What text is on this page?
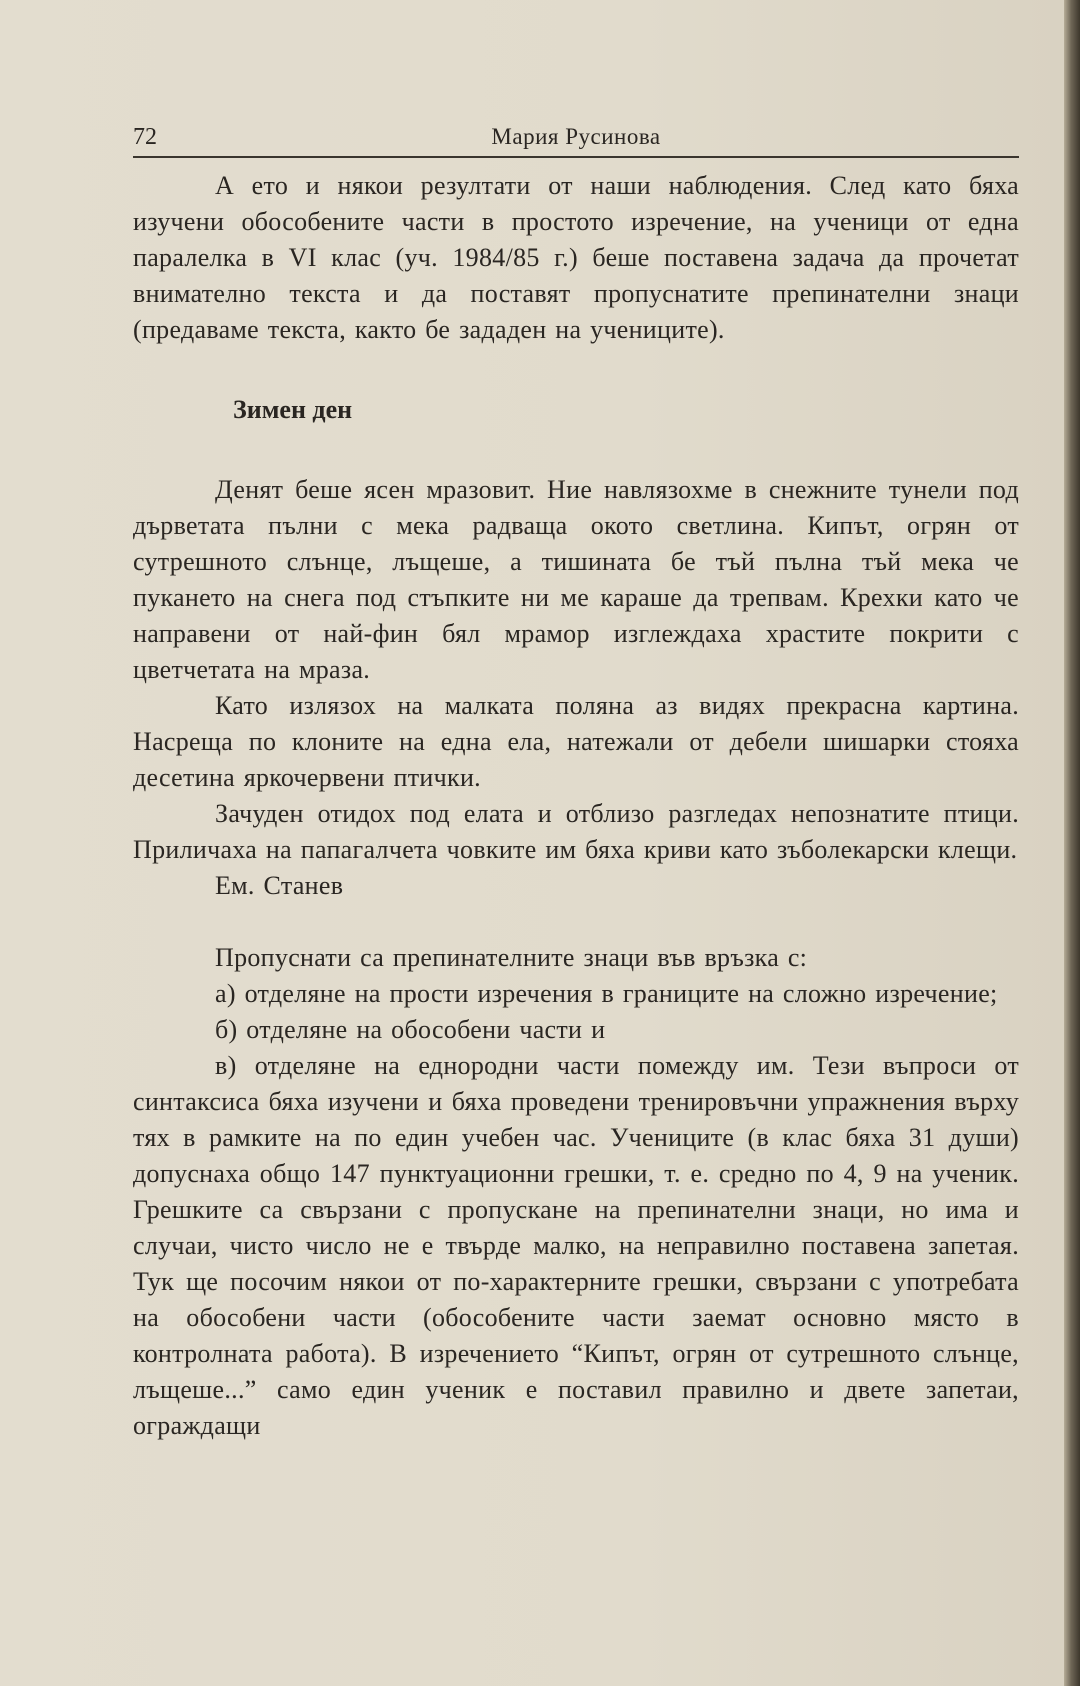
72	Мария Русинова

А ето и някои резултати от наши наблюдения. След като бяха изучени обособените части в простото изречение, на ученици от една паралелка в VI клас (уч. 1984/85 г.) беше поставена задача да прочетат внимателно текста и да поставят пропуснатите препинателни знаци (предаваме текста, както бе зададен на учениците).

Зимен ден

Денят беше ясен мразовит. Ние навлязохме в снежните тунели под дърветата пълни с мека радваща окото светлина. Кипът, огрян от сутрешното слънце, лъщеше, а тишината бе тъй пълна тъй мека че пукането на снега под стъпките ни ме караше да трепвам. Крехки като че направени от най-фин бял мрамор изглеждаха храстите покрити с цветчетата на мраза.

Като излязох на малката поляна аз видях прекрасна картина. Насреща по клоните на една ела, натежали от дебели шишарки стояха десетина яркочервени птички.

Зачуден отидох под елата и отблизо разгледах непознатите птици. Приличаха на папагалчета човките им бяха криви като зъболекарски клещи.

Ем. Станев

Пропуснати са препинателните знаци във връзка с:

а) отделяне на прости изречения в границите на сложно изречение;

б) отделяне на обособени части и

в) отделяне на еднородни части помежду им. Тези въпроси от синтаксиса бяха изучени и бяха проведени тренировъчни упражнения върху тях в рамките на по един учебен час. Учениците (в клас бяха 31 души) допуснаха общо 147 пунктуационни грешки, т. е. средно по 4, 9 на ученик. Грешките са свързани с пропускане на препинателни знаци, но има и случаи, чисто число не е твърде малко, на неправилно поставена запетая. Тук ще посочим някои от по-характерните грешки, свързани с употребата на обособени части (обособените части заемат основно място в контролната работа). В изречението “Кипът, огрян от сутрешното слънце, лъщеше...” само един ученик е поставил правилно и двете запетаи, ограждащи
